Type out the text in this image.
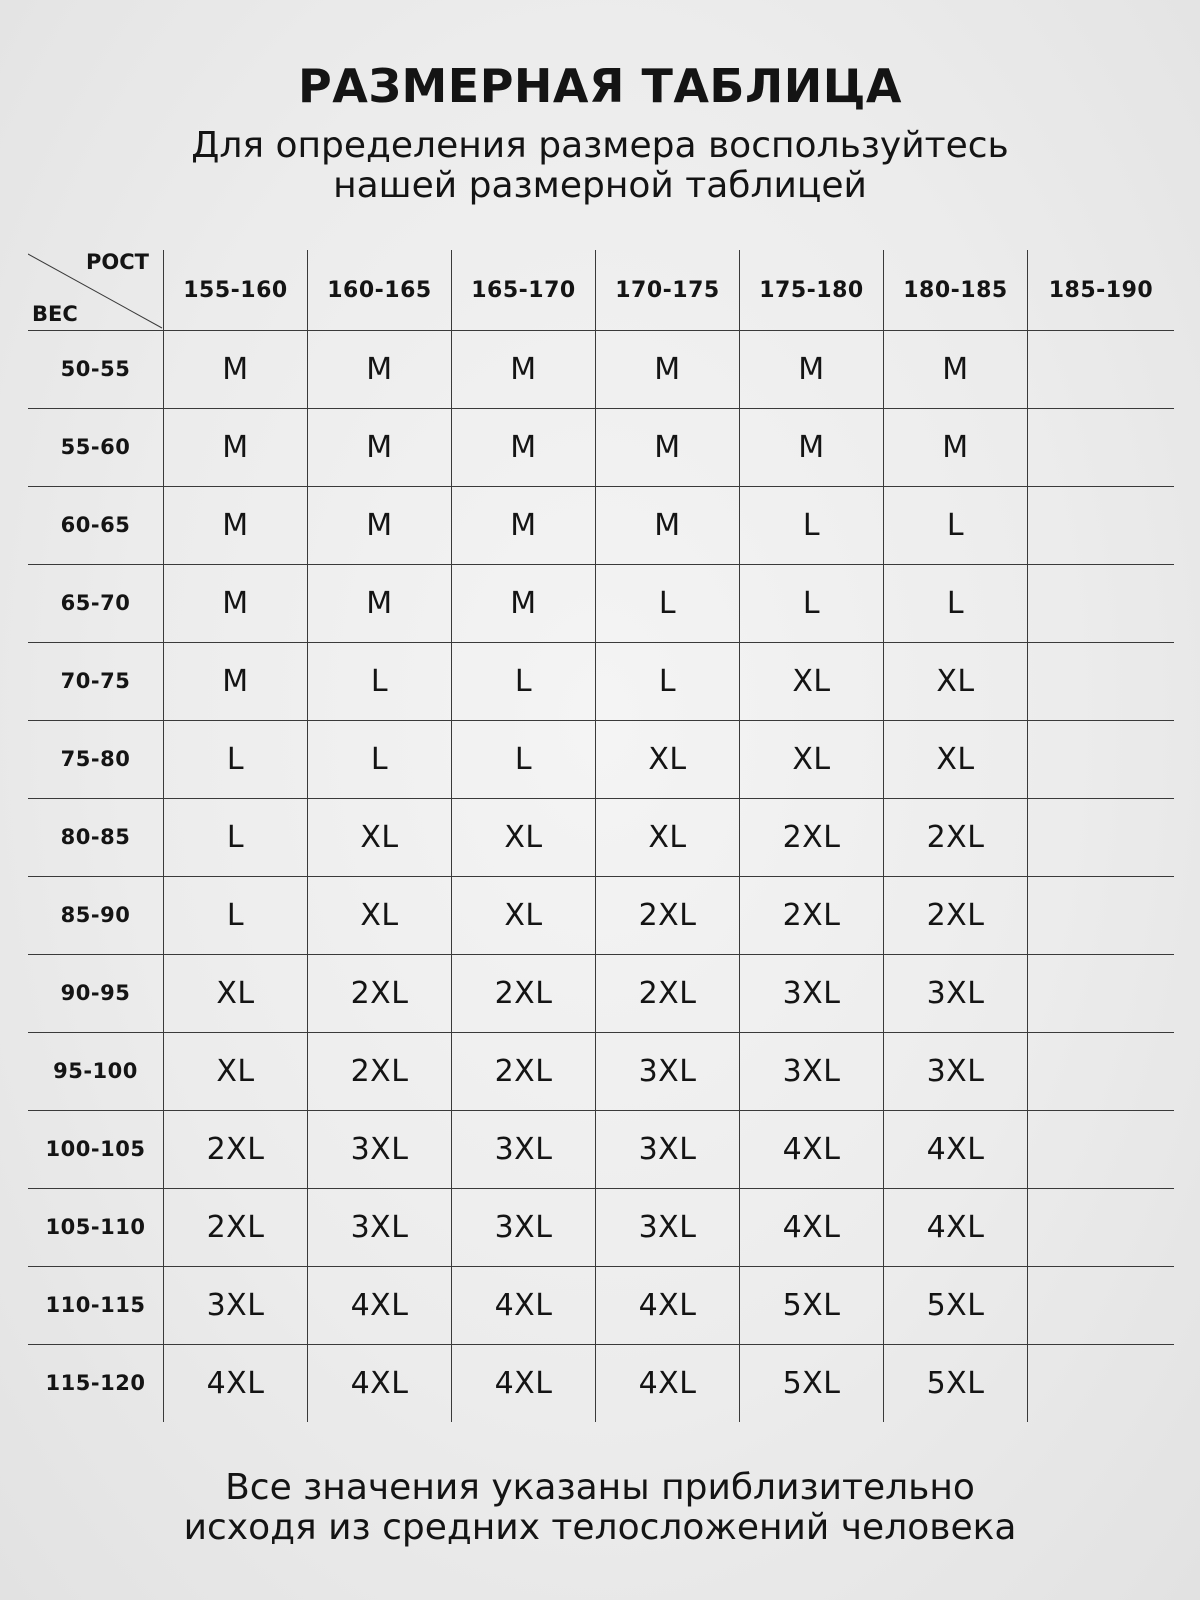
РАЗМЕРНАЯ ТАБЛИЦА
Для определения размера воспользуйтесь
нашей размерной таблицей
РОСТ
ВЕС
155-160 160-165 165-170 170-175 175-180 180-185 185-190
50-55	M	M	M	M	M	M
55-60	M	M	M	M	M	M
60-65	M	M	M	M	L	L
65-70	M	M	M	L	L	L
70-75	M	L	L	L	XL	XL
75-80	L	L	L	XL	XL	XL
80-85	L	XL	XL	XL	2XL	2XL
85-90	L	XL	XL	2XL	2XL	2XL
90-95	XL	2XL	2XL	2XL	3XL	3XL
95-100	XL	2XL	2XL	3XL	3XL	3XL
100-105 2XL	3XL	3XL	3XL	4XL	4XL
105-110 2XL	3XL	3XL	3XL	4XL	4XL
110-115 3XL	4XL	4XL	4XL	5XL	5XL
115-120 4XL	4XL	4XL	4XL	5XL	5XL
Все значения указаны приблизительно
исходя из средних телосложений человека
